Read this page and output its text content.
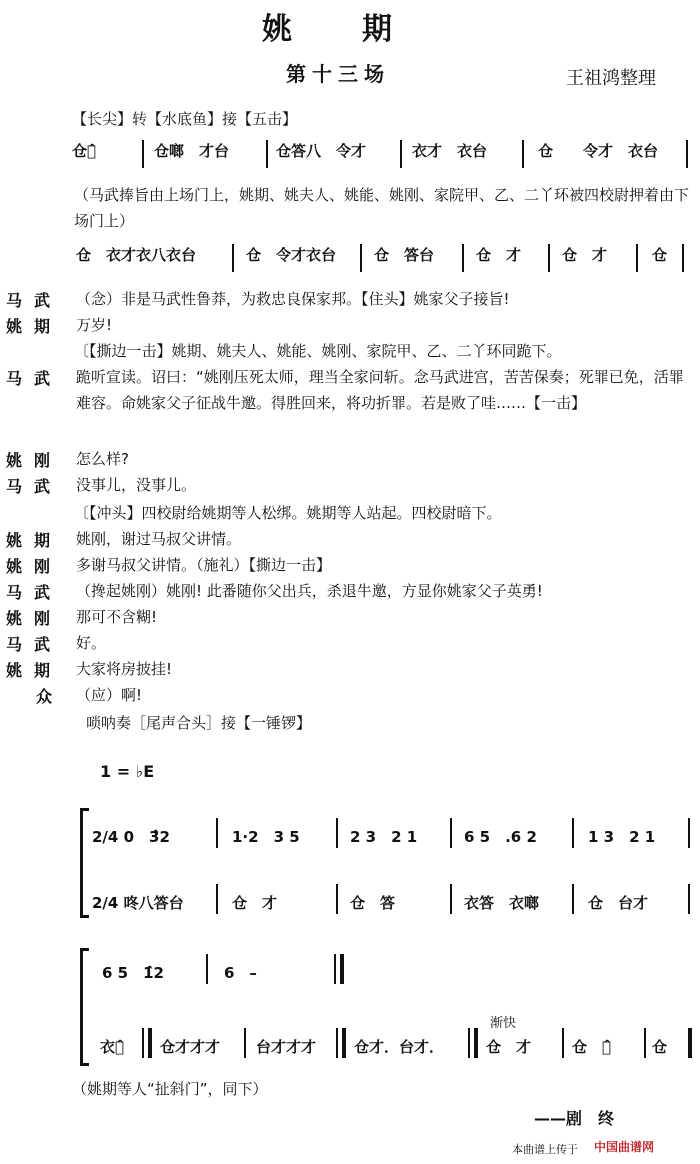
姚期
第十三场	王祖鸿整理
【长尖】转【水底鱼】接【五击】
仓才̂	仓啷　才台	仓答八　令才	衣才　衣台	仓　　令才　衣台
（马武捧旨由上场门上，姚期、姚夫人、姚能、姚刚、家院甲、乙、二丫环被四校尉押着由下场门上）
仓　衣才衣八衣台	仓　令才衣台	仓　答台	仓　才	仓　才	仓
马武 （念）非是马武性鲁莽，为救忠良保家邦。【住头】姚家父子接旨!
姚期 万岁!
〔【撕边一击】姚期、姚夫人、姚能、姚刚、家院甲、乙、二丫环同跪下。
马武 跪听宣读。诏曰：“姚刚压死太师，理当全家问斩。念马武进宫，苦苦保奏；死罪已免，活罪难容。命姚家父子征战牛邀。得胜回来，将功折罪。若是败了哇……【一击】
姚刚 怎么样?
马武 没事儿，没事儿。
〔【冲头】四校尉给姚期等人松绑。姚期等人站起。四校尉暗下。
姚期 姚刚，谢过马叔父讲情。
姚刚 多谢马叔父讲情。（施礼）【撕边一击】
马武 （搀起姚刚）姚刚! 此番随你父出兵，杀退牛邀，方显你姚家父子英勇!
姚刚 那可不含糊!
马武 好。
姚期 大家将房披挂!
众 （应）啊!
唢呐奏［尾声合头］接【一锤锣】
1 = ♭E
2/4 0　3̂2	1·2　3 5	2 3　2 1	6 5　.6 2	1 3　2 1
2/4 咚八答台	仓　才	仓　答	衣答　衣啷	仓　台才
6 5　1̂2	6　–
渐快
衣台̂ 仓才才才 台才才才	仓才．台才．	仓　才	仓　才̂	仓
（姚期等人“扯斜门”，同下）
——剧　终
本曲谱上传于 中国曲谱网
